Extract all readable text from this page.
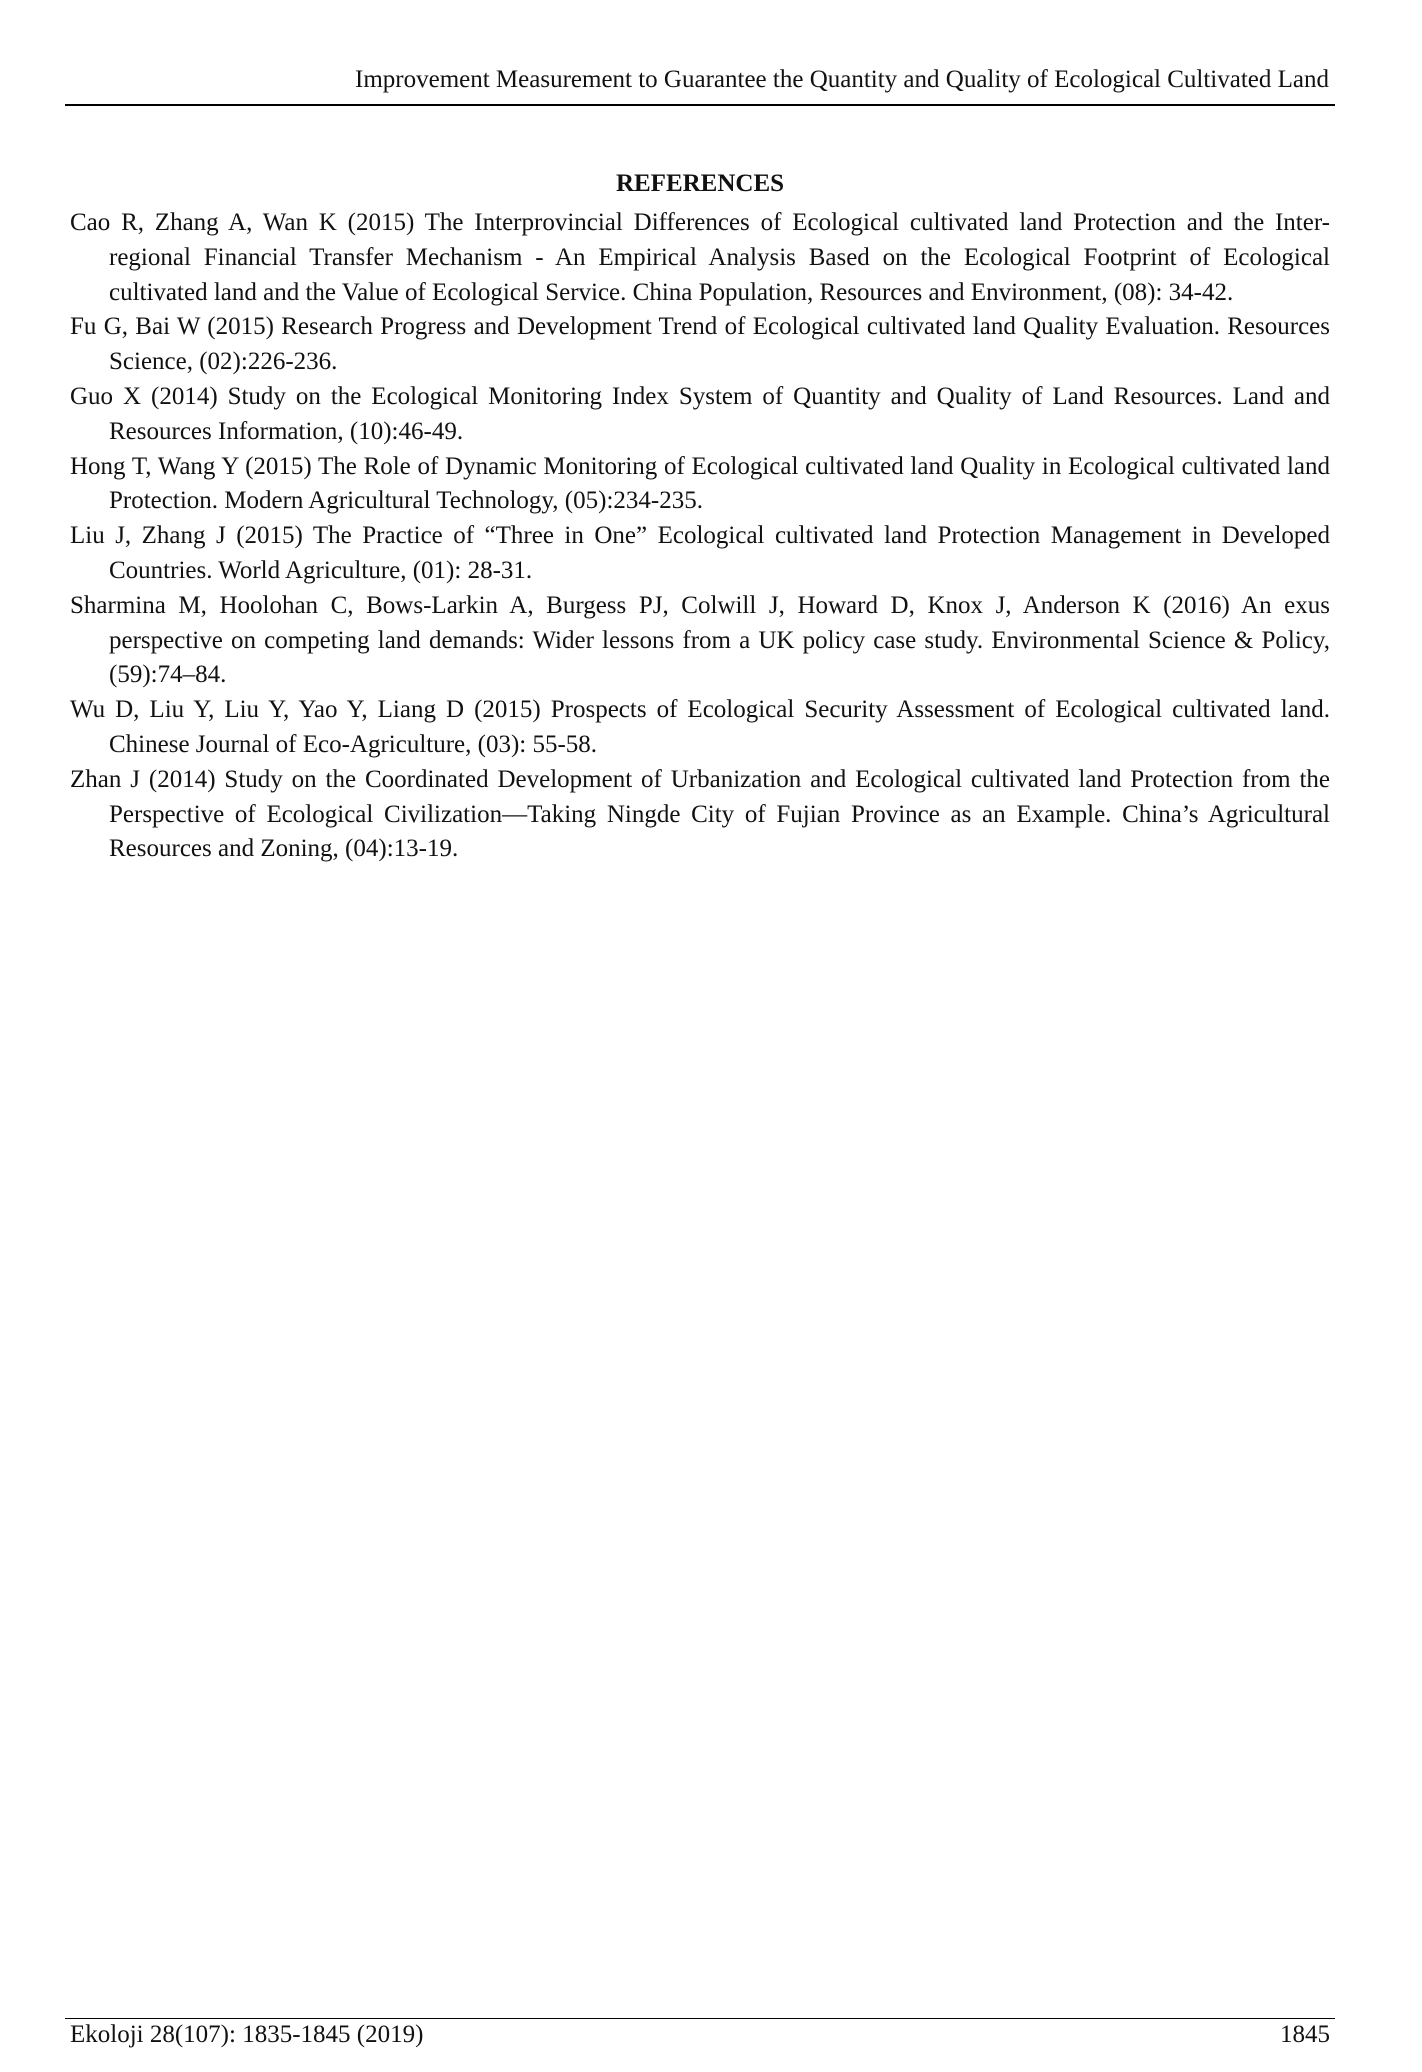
Improvement Measurement to Guarantee the Quantity and Quality of Ecological Cultivated Land
REFERENCES

Cao R, Zhang A, Wan K (2015) The Interprovincial Differences of Ecological cultivated land Protection and the Inter-regional Financial Transfer Mechanism - An Empirical Analysis Based on the Ecological Footprint of Ecological cultivated land and the Value of Ecological Service. China Population, Resources and Environment, (08): 34-42.

Fu G, Bai W (2015) Research Progress and Development Trend of Ecological cultivated land Quality Evaluation. Resources Science, (02):226-236.

Guo X (2014) Study on the Ecological Monitoring Index System of Quantity and Quality of Land Resources. Land and Resources Information, (10):46-49.

Hong T, Wang Y (2015) The Role of Dynamic Monitoring of Ecological cultivated land Quality in Ecological cultivated land Protection. Modern Agricultural Technology, (05):234-235.

Liu J, Zhang J (2015) The Practice of “Three in One” Ecological cultivated land Protection Management in Developed Countries. World Agriculture, (01): 28-31.

Sharmina M, Hoolohan C, Bows-Larkin A, Burgess PJ, Colwill J, Howard D, Knox J, Anderson K (2016) An exus perspective on competing land demands: Wider lessons from a UK policy case study. Environmental Science & Policy, (59):74–84.

Wu D, Liu Y, Liu Y, Yao Y, Liang D (2015) Prospects of Ecological Security Assessment of Ecological cultivated land. Chinese Journal of Eco-Agriculture, (03): 55-58.

Zhan J (2014) Study on the Coordinated Development of Urbanization and Ecological cultivated land Protection from the Perspective of Ecological Civilization—Taking Ningde City of Fujian Province as an Example. China’s Agricultural Resources and Zoning, (04):13-19.

Ekoloji 28(107): 1835-1845 (2019)	1845
